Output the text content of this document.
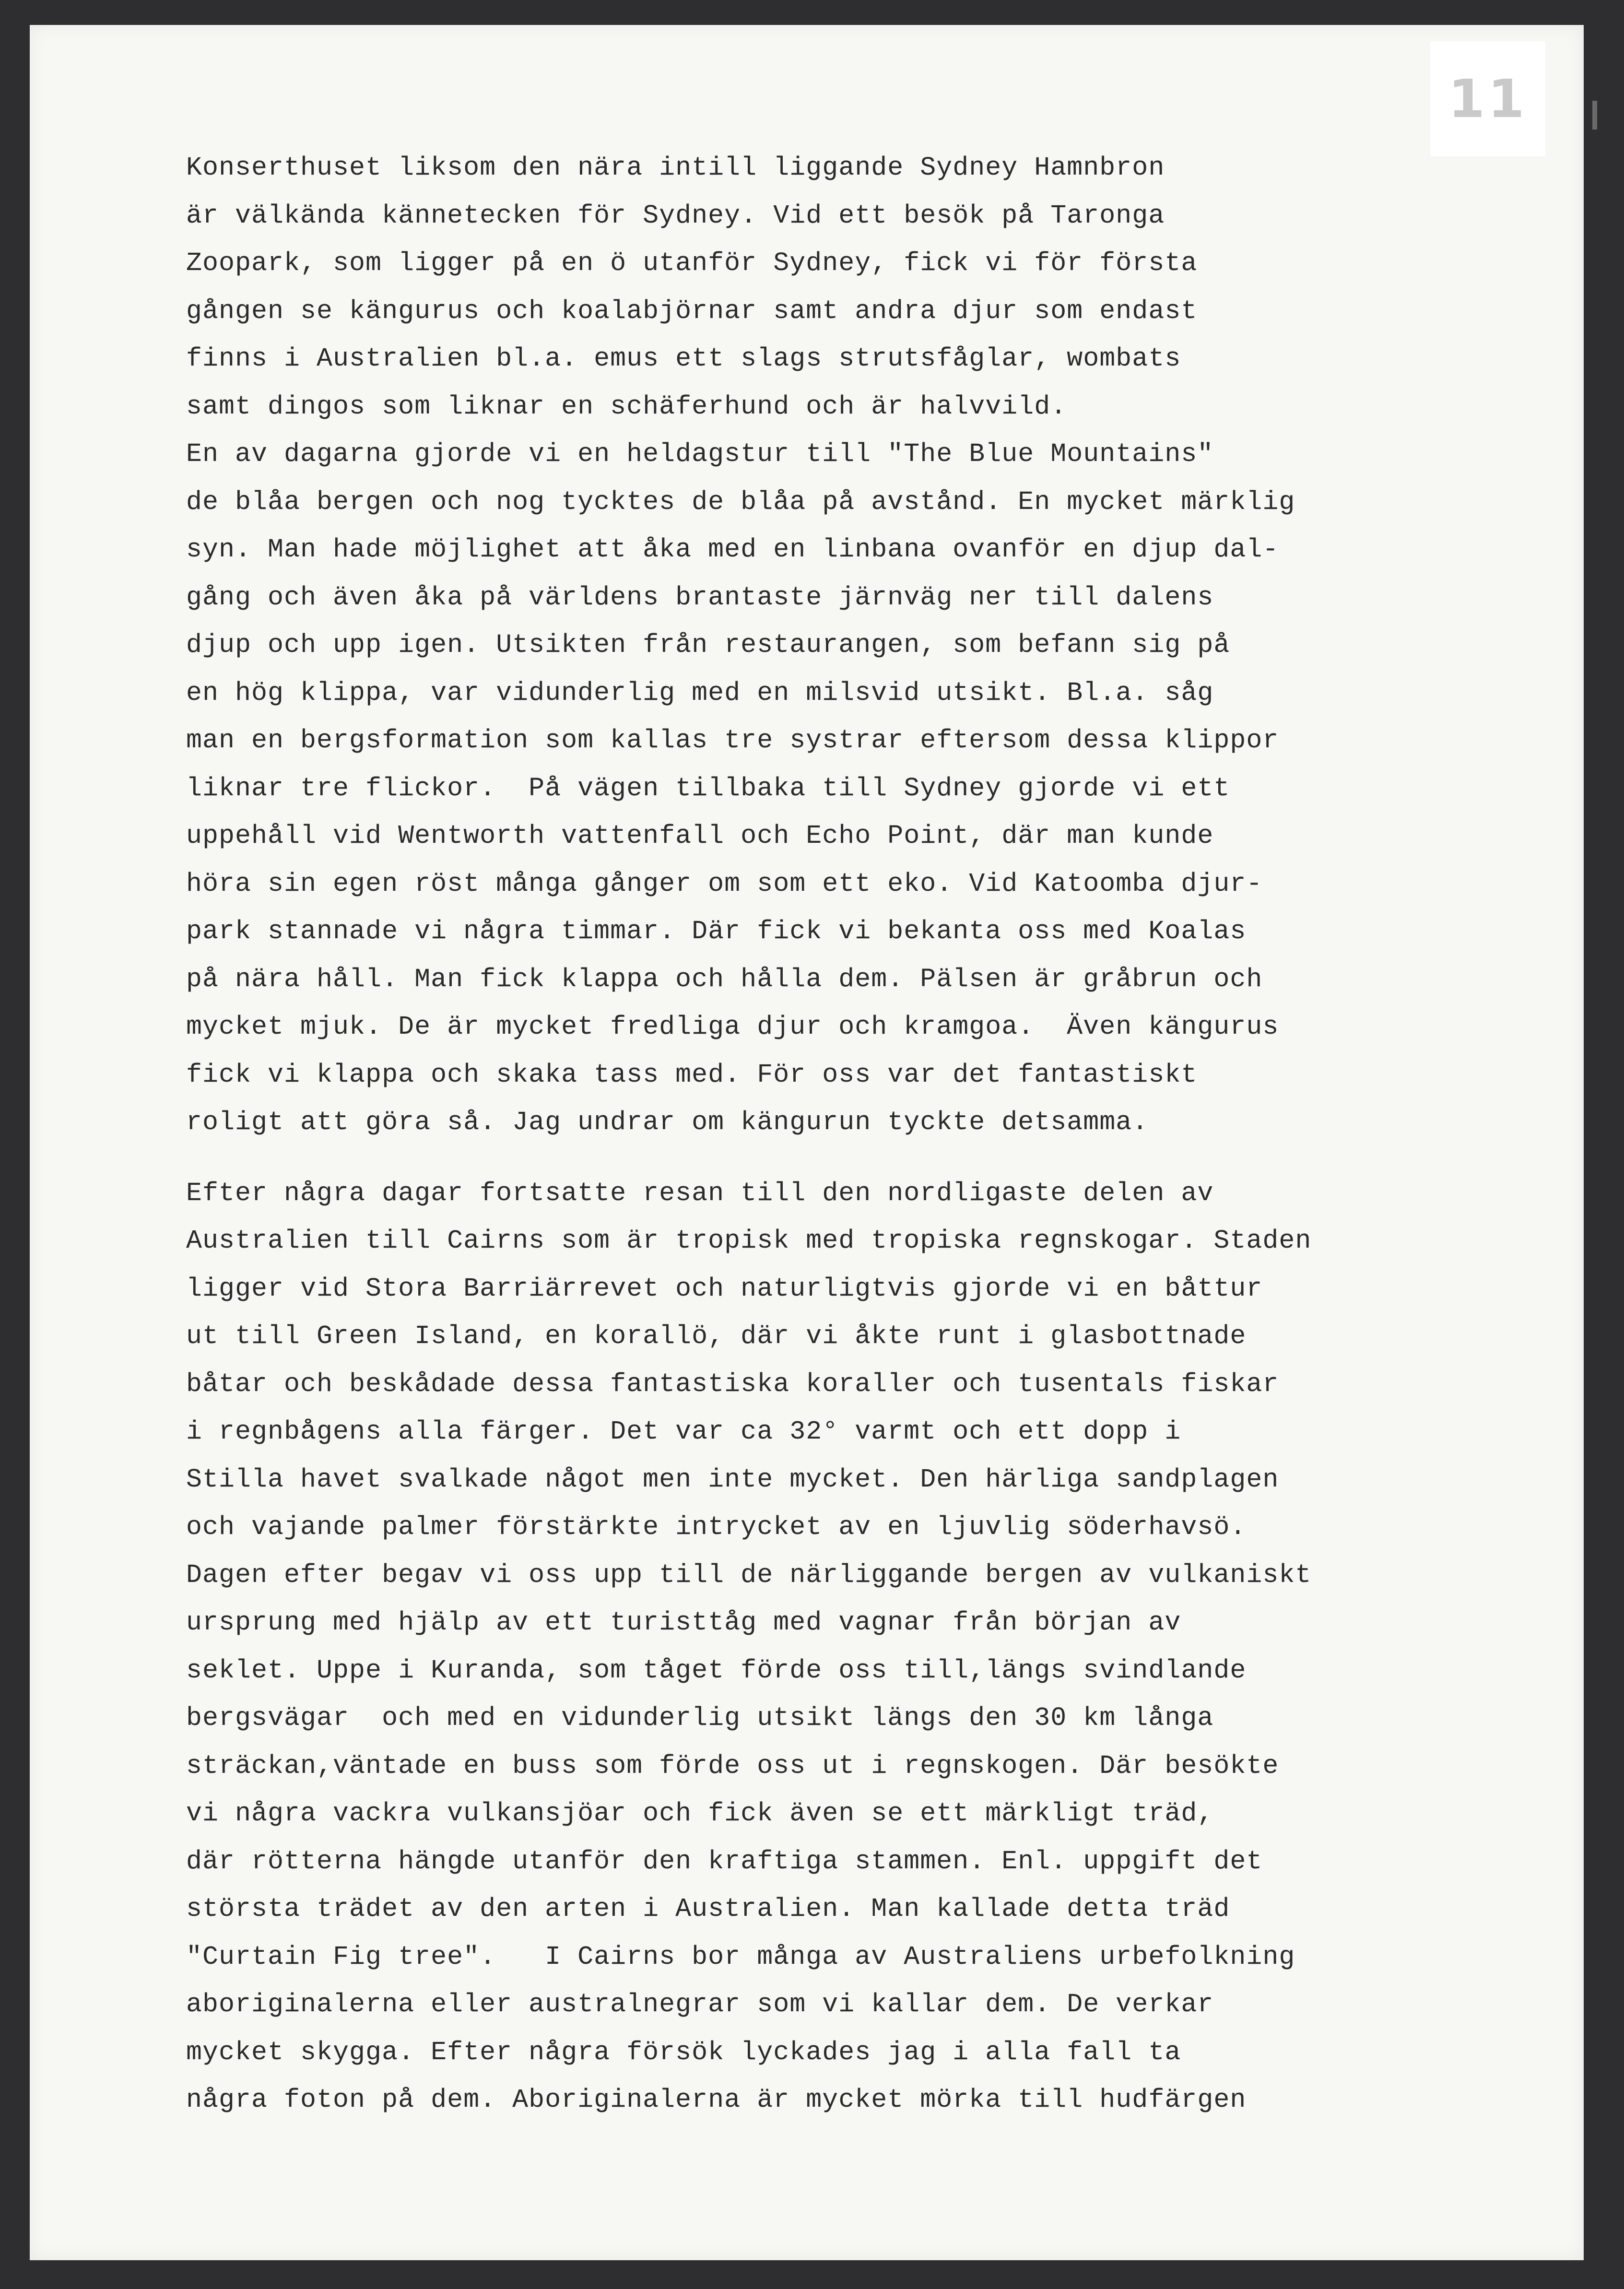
11
Konserthuset liksom den nära intill liggande Sydney Hamnbron
är välkända kännetecken för Sydney. Vid ett besök på Taronga
Zoopark, som ligger på en ö utanför Sydney, fick vi för första
gången se kängurus och koalabjörnar samt andra djur som endast
finns i Australien bl.a. emus ett slags strutsfåglar, wombats
samt dingos som liknar en schäferhund och är halvvild.
En av dagarna gjorde vi en heldagstur till "The Blue Mountains"
de blåa bergen och nog tycktes de blåa på avstånd. En mycket märklig
syn. Man hade möjlighet att åka med en linbana ovanför en djup dal-
gång och även åka på världens brantaste järnväg ner till dalens
djup och upp igen. Utsikten från restaurangen, som befann sig på
en hög klippa, var vidunderlig med en milsvid utsikt. Bl.a. såg
man en bergsformation som kallas tre systrar eftersom dessa klippor
liknar tre flickor.  På vägen tillbaka till Sydney gjorde vi ett
uppehåll vid Wentworth vattenfall och Echo Point, där man kunde
höra sin egen röst många gånger om som ett eko. Vid Katoomba djur-
park stannade vi några timmar. Där fick vi bekanta oss med Koalas
på nära håll. Man fick klappa och hålla dem. Pälsen är gråbrun och
mycket mjuk. De är mycket fredliga djur och kramgoa.  Även kängurus
fick vi klappa och skaka tass med. För oss var det fantastiskt
roligt att göra så. Jag undrar om kängurun tyckte detsamma.
Efter några dagar fortsatte resan till den nordligaste delen av
Australien till Cairns som är tropisk med tropiska regnskogar. Staden
ligger vid Stora Barriärrevet och naturligtvis gjorde vi en båttur
ut till Green Island, en korallö, där vi åkte runt i glasbottnade
båtar och beskådade dessa fantastiska koraller och tusentals fiskar
i regnbågens alla färger. Det var ca 32° varmt och ett dopp i
Stilla havet svalkade något men inte mycket. Den härliga sandplagen
och vajande palmer förstärkte intrycket av en ljuvlig söderhavsö.
Dagen efter begav vi oss upp till de närliggande bergen av vulkaniskt
ursprung med hjälp av ett turisttåg med vagnar från början av
seklet. Uppe i Kuranda, som tåget förde oss till,längs svindlande
bergsvägar  och med en vidunderlig utsikt längs den 30 km långa
sträckan,väntade en buss som förde oss ut i regnskogen. Där besökte
vi några vackra vulkansjöar och fick även se ett märkligt träd,
där rötterna hängde utanför den kraftiga stammen. Enl. uppgift det
största trädet av den arten i Australien. Man kallade detta träd
"Curtain Fig tree".   I Cairns bor många av Australiens urbefolkning
aboriginalerna eller australnegrar som vi kallar dem. De verkar
mycket skygga. Efter några försök lyckades jag i alla fall ta
några foton på dem. Aboriginalerna är mycket mörka till hudfärgen
